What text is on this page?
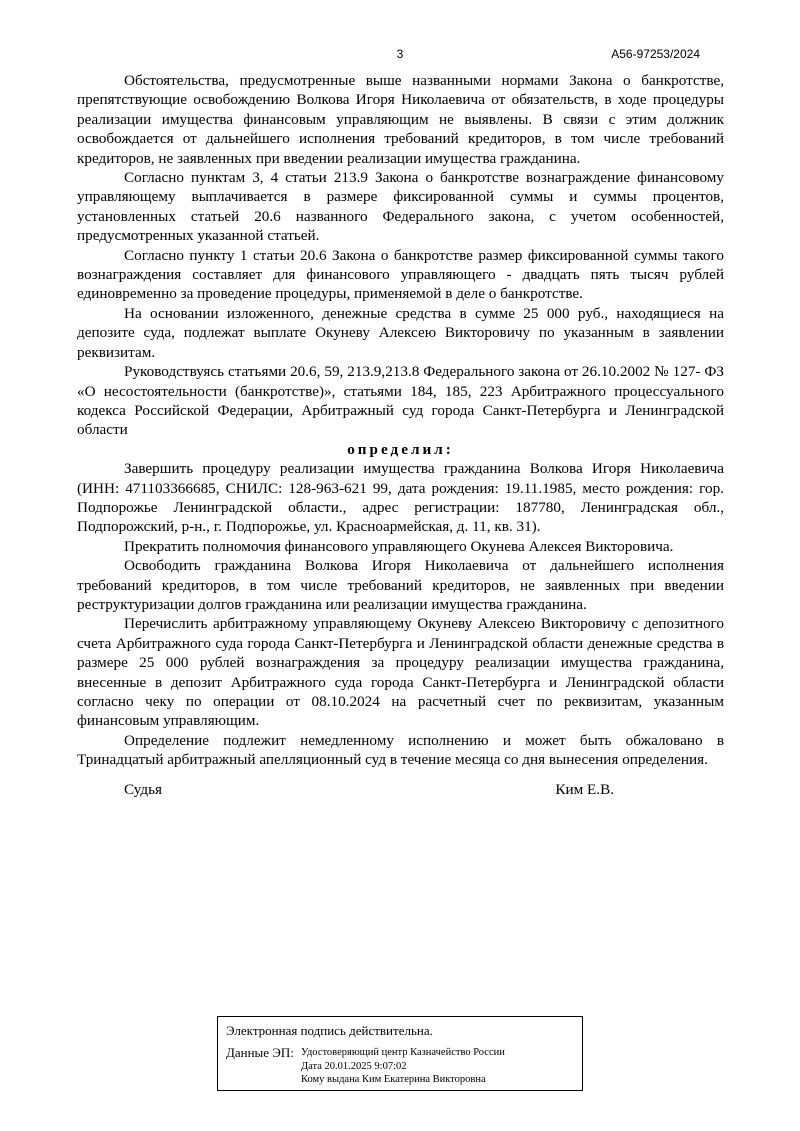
3	А56-97253/2024

Обстоятельства, предусмотренные выше названными нормами Закона о банкротстве, препятствующие освобождению Волкова Игоря Николаевича от обязательств, в ходе процедуры реализации имущества финансовым управляющим не выявлены. В связи с этим должник освобождается от дальнейшего исполнения требований кредиторов, в том числе требований кредиторов, не заявленных при введении реализации имущества гражданина.

Согласно пунктам 3, 4 статьи 213.9 Закона о банкротстве вознаграждение финансовому управляющему выплачивается в размере фиксированной суммы и суммы процентов, установленных статьей 20.6 названного Федерального закона, с учетом особенностей, предусмотренных указанной статьей.

Согласно пункту 1 статьи 20.6 Закона о банкротстве размер фиксированной суммы такого вознаграждения составляет для финансового управляющего - двадцать пять тысяч рублей единовременно за проведение процедуры, применяемой в деле о банкротстве.

На основании изложенного, денежные средства в сумме 25 000 руб., находящиеся на депозите суда, подлежат выплате Окуневу Алексею Викторовичу по указанным в заявлении реквизитам.

Руководствуясь статьями 20.6, 59, 213.9,213.8 Федерального закона от 26.10.2002 № 127- ФЗ «О несостоятельности (банкротстве)», статьями 184, 185, 223 Арбитражного процессуального кодекса Российской Федерации, Арбитражный суд города Санкт-Петербурга и Ленинградской области

определил:

Завершить процедуру реализации имущества гражданина Волкова Игоря Николаевича (ИНН: 471103366685, СНИЛС: 128-963-621 99, дата рождения: 19.11.1985, место рождения: гор. Подпорожье Ленинградской области., адрес регистрации: 187780, Ленинградская обл., Подпорожский, р-н., г. Подпорожье, ул. Красноармейская, д. 11, кв. 31).

Прекратить полномочия финансового управляющего Окунева Алексея Викторовича.

Освободить гражданина Волкова Игоря Николаевича от дальнейшего исполнения требований кредиторов, в том числе требований кредиторов, не заявленных при введении реструктуризации долгов гражданина или реализации имущества гражданина.

Перечислить арбитражному управляющему Окуневу Алексею Викторовичу с депозитного счета Арбитражного суда города Санкт-Петербурга и Ленинградской области денежные средства в размере 25 000 рублей вознаграждения за процедуру реализации имущества гражданина, внесенные в депозит Арбитражного суда города Санкт-Петербурга и Ленинградской области согласно чеку по операции от 08.10.2024 на расчетный счет по реквизитам, указанным финансовым управляющим.

Определение подлежит немедленному исполнению и может быть обжаловано в Тринадцатый арбитражный апелляционный суд в течение месяца со дня вынесения определения.

Судья	Ким Е.В.
Электронная подпись действительна.
Данные ЭП: Удостоверяющий центр Казначейство России
Дата 20.01.2025 9:07:02
Кому выдана Ким Екатерина Викторовна
